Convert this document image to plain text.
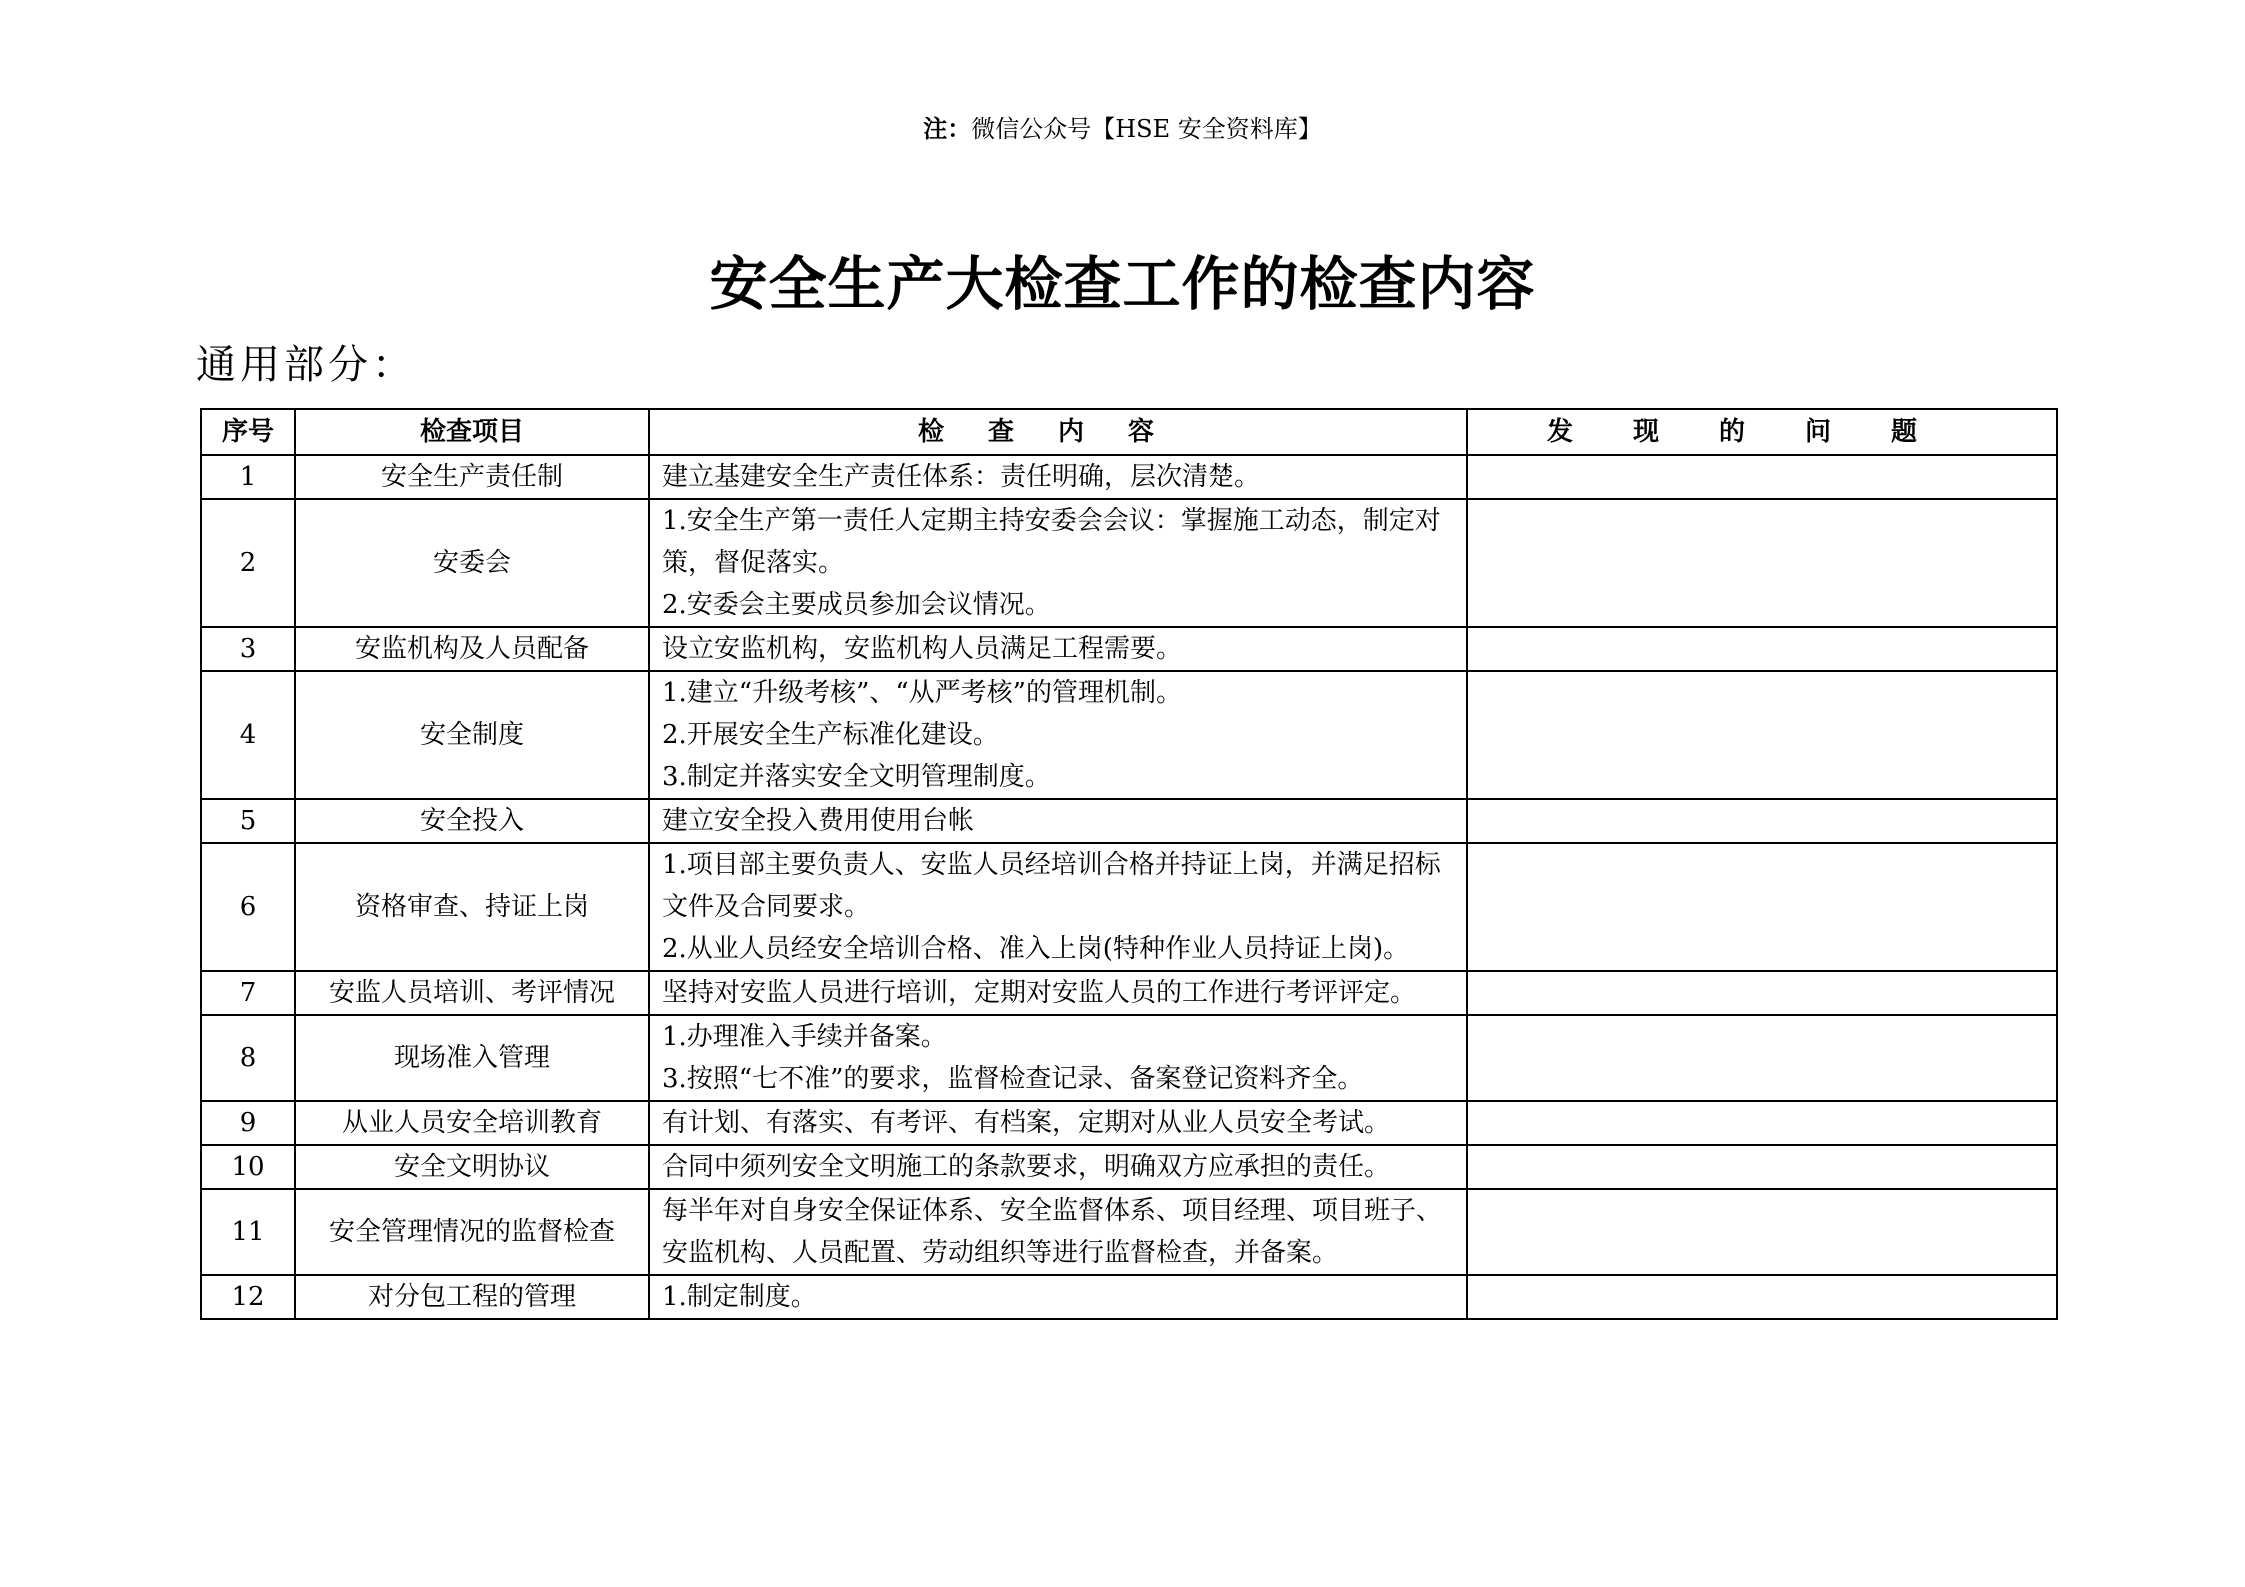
注：微信公众号【HSE 安全资料库】
安全生产大检查工作的检查内容
通用部分：
序号	检查项目	检查内容	发现的问题
1	安全生产责任制	建立基建安全生产责任体系：责任明确，层次清楚。	

2	安委会	1.安全生产第一责任人定期主持安委会会议：掌握施工动态，制定对策，督促落实。
2.安委会主要成员参加会议情况。	

3	安监机构及人员配备	设立安监机构，安监机构人员满足工程需要。	

4	安全制度	1.建立“升级考核”、“从严考核”的管理机制。
2.开展安全生产标准化建设。
3.制定并落实安全文明管理制度。	

5	安全投入	建立安全投入费用使用台帐	

6	资格审查、持证上岗	1.项目部主要负责人、安监人员经培训合格并持证上岗，并满足招标文件及合同要求。
2.从业人员经安全培训合格、准入上岗(特种作业人员持证上岗)。	

7	安监人员培训、考评情况	坚持对安监人员进行培训，定期对安监人员的工作进行考评评定。	

8	现场准入管理	1.办理准入手续并备案。
3.按照“七不准”的要求，监督检查记录、备案登记资料齐全。	

9	从业人员安全培训教育	有计划、有落实、有考评、有档案，定期对从业人员安全考试。	

10	安全文明协议	合同中须列安全文明施工的条款要求，明确双方应承担的责任。	

11	安全管理情况的监督检查	每半年对自身安全保证体系、安全监督体系、项目经理、项目班子、安监机构、人员配置、劳动组织等进行监督检查，并备案。	

12	对分包工程的管理	1.制定制度。	
